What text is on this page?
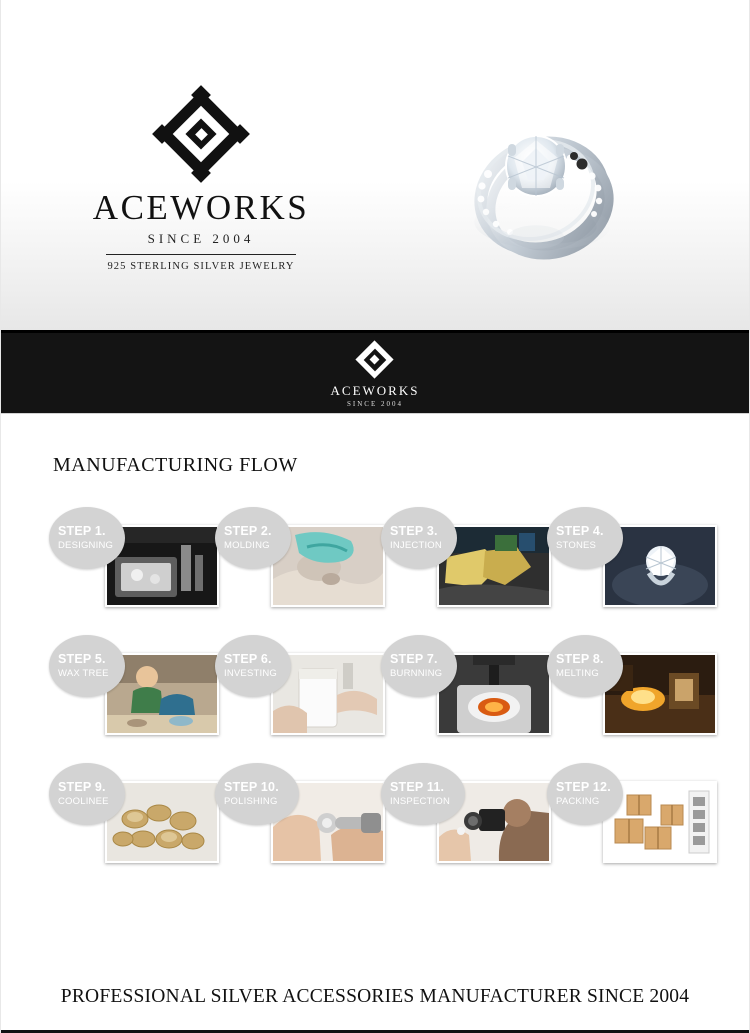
ACEWORKS
SINCE 2004
925 STERLING SILVER JEWELRY
ACEWORKS
SINCE 2004
MANUFACTURING FLOW
STEP 1.
DESIGNING
STEP 2.
MOLDING
STEP 3.
INJECTION
STEP 4.
STONES
STEP 5.
WAX TREE
STEP 6.
INVESTING
STEP 7.
BURNNING
STEP 8.
MELTING
STEP 9.
COOLINEE
STEP 10.
POLISHING
STEP 11.
INSPECTION
STEP 12.
PACKING
PROFESSIONAL SILVER ACCESSORIES MANUFACTURER SINCE 2004
